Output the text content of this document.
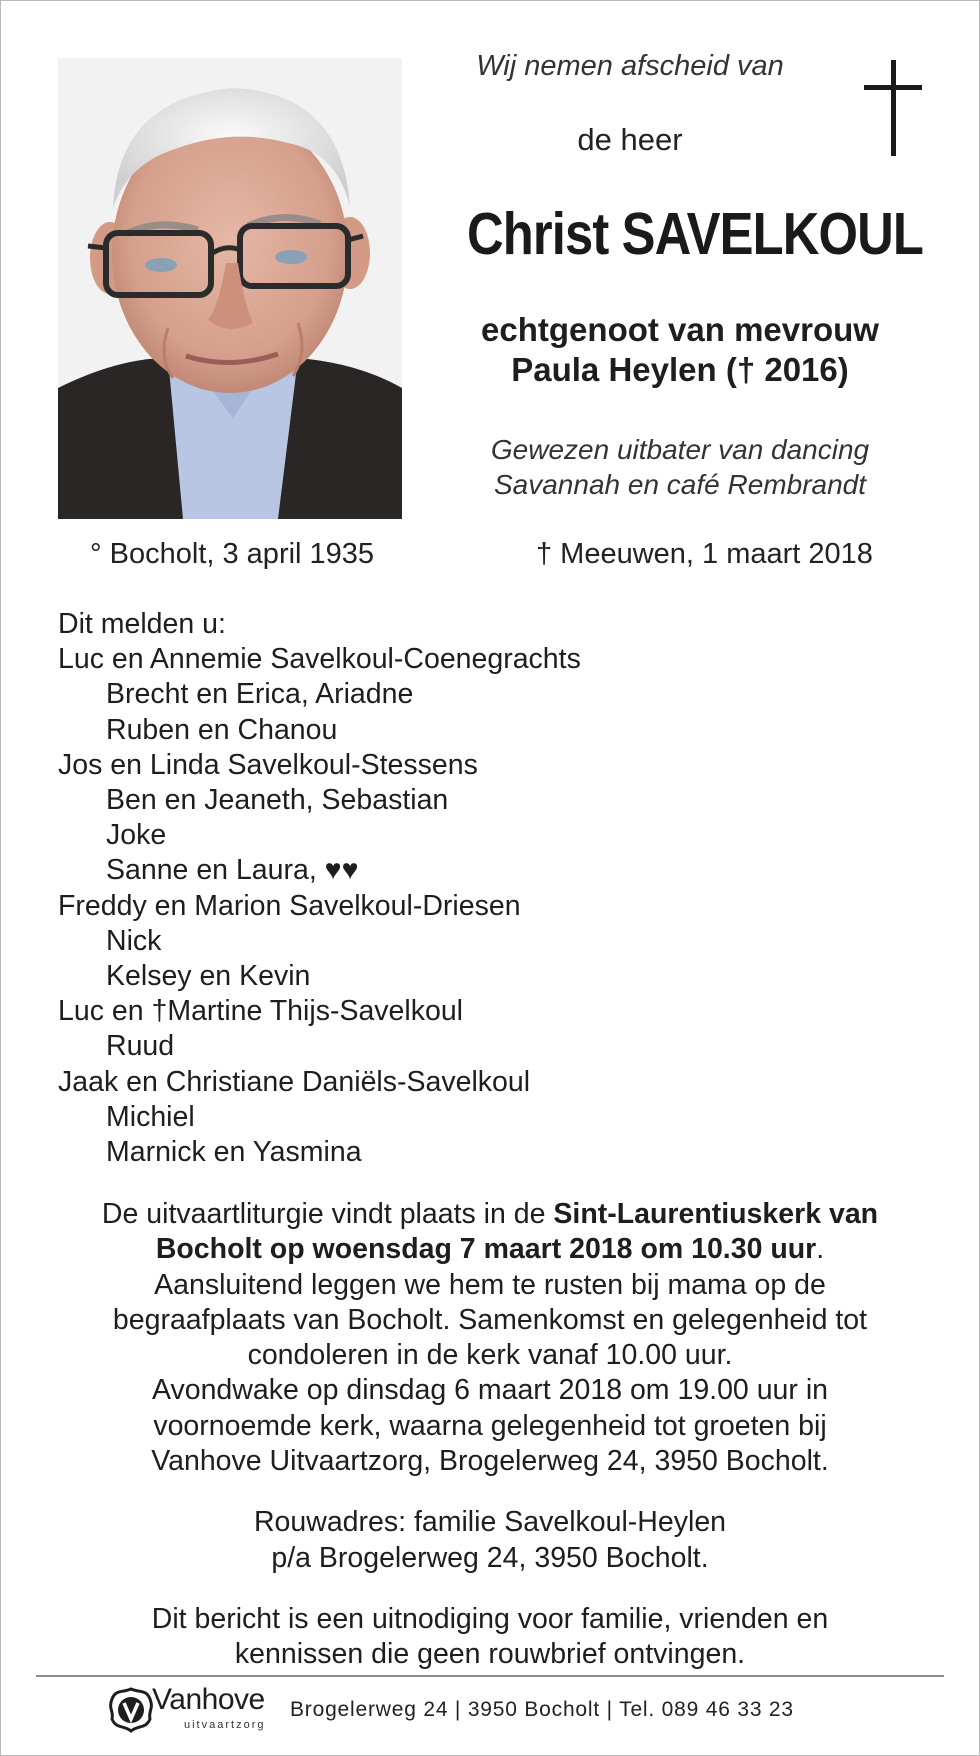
Wij nemen afscheid van
de heer
Christ SAVELKOUL
echtgenoot van mevrouw
Paula Heylen († 2016)
Gewezen uitbater van dancing
Savannah en café Rembrandt
° Bocholt, 3 april 1935	† Meeuwen, 1 maart 2018
Dit melden u:
Luc en Annemie Savelkoul-Coenegrachts
Brecht en Erica, Ariadne
Ruben en Chanou
Jos en Linda Savelkoul-Stessens
Ben en Jeaneth, Sebastian
Joke
Sanne en Laura, ♥♥
Freddy en Marion Savelkoul-Driesen
Nick
Kelsey en Kevin
Luc en †Martine Thijs-Savelkoul
Ruud
Jaak en Christiane Daniëls-Savelkoul
Michiel
Marnick en Yasmina
De uitvaartliturgie vindt plaats in de Sint-Laurentiuskerk van
Bocholt op woensdag 7 maart 2018 om 10.30 uur.
Aansluitend leggen we hem te rusten bij mama op de
begraafplaats van Bocholt. Samenkomst en gelegenheid tot
condoleren in de kerk vanaf 10.00 uur.
Avondwake op dinsdag 6 maart 2018 om 19.00 uur in
voornoemde kerk, waarna gelegenheid tot groeten bij
Vanhove Uitvaartzorg, Brogelerweg 24, 3950 Bocholt.
Rouwadres: familie Savelkoul-Heylen
p/a Brogelerweg 24, 3950 Bocholt.
Dit bericht is een uitnodiging voor familie, vrienden en
kennissen die geen rouwbrief ontvingen.
Vanhove
uitvaartzorg
Brogelerweg 24 | 3950 Bocholt | Tel. 089 46 33 23
